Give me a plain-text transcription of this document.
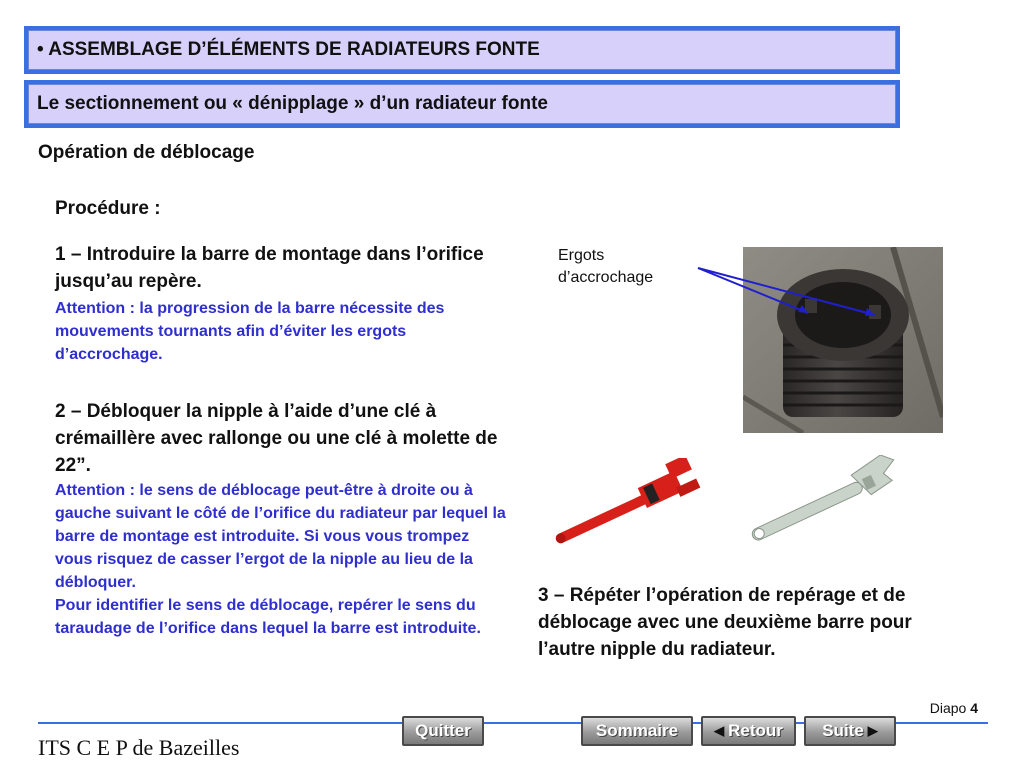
• ASSEMBLAGE D’ÉLÉMENTS DE RADIATEURS FONTE
Le sectionnement ou « dénipplage » d’un radiateur fonte
Opération de déblocage
Procédure :
1 – Introduire la barre de montage dans l’orifice jusqu’au repère.
Attention : la progression de la barre nécessite des mouvements tournants afin d’éviter les ergots d’accrochage.
2 – Débloquer la nipple à l’aide d’une clé à crémaillère avec rallonge ou une clé à molette de 22”.
Attention : le sens de déblocage peut-être à droite ou à gauche suivant le côté de l’orifice du radiateur par lequel la barre de montage est introduite. Si vous vous trompez vous risquez de casser l’ergot de la nipple au lieu de la débloquer.
Pour identifier le sens de déblocage, repérer le sens du taraudage de l’orifice dans lequel la barre est introduite.
3 – Répéter l’opération de repérage et de déblocage avec une deuxième barre pour l’autre nipple du radiateur.
Ergots
d’accrochage
Diapo 4
ITS C E P de Bazeilles
Quitter	Sommaire	◀ Retour Suite ▶
